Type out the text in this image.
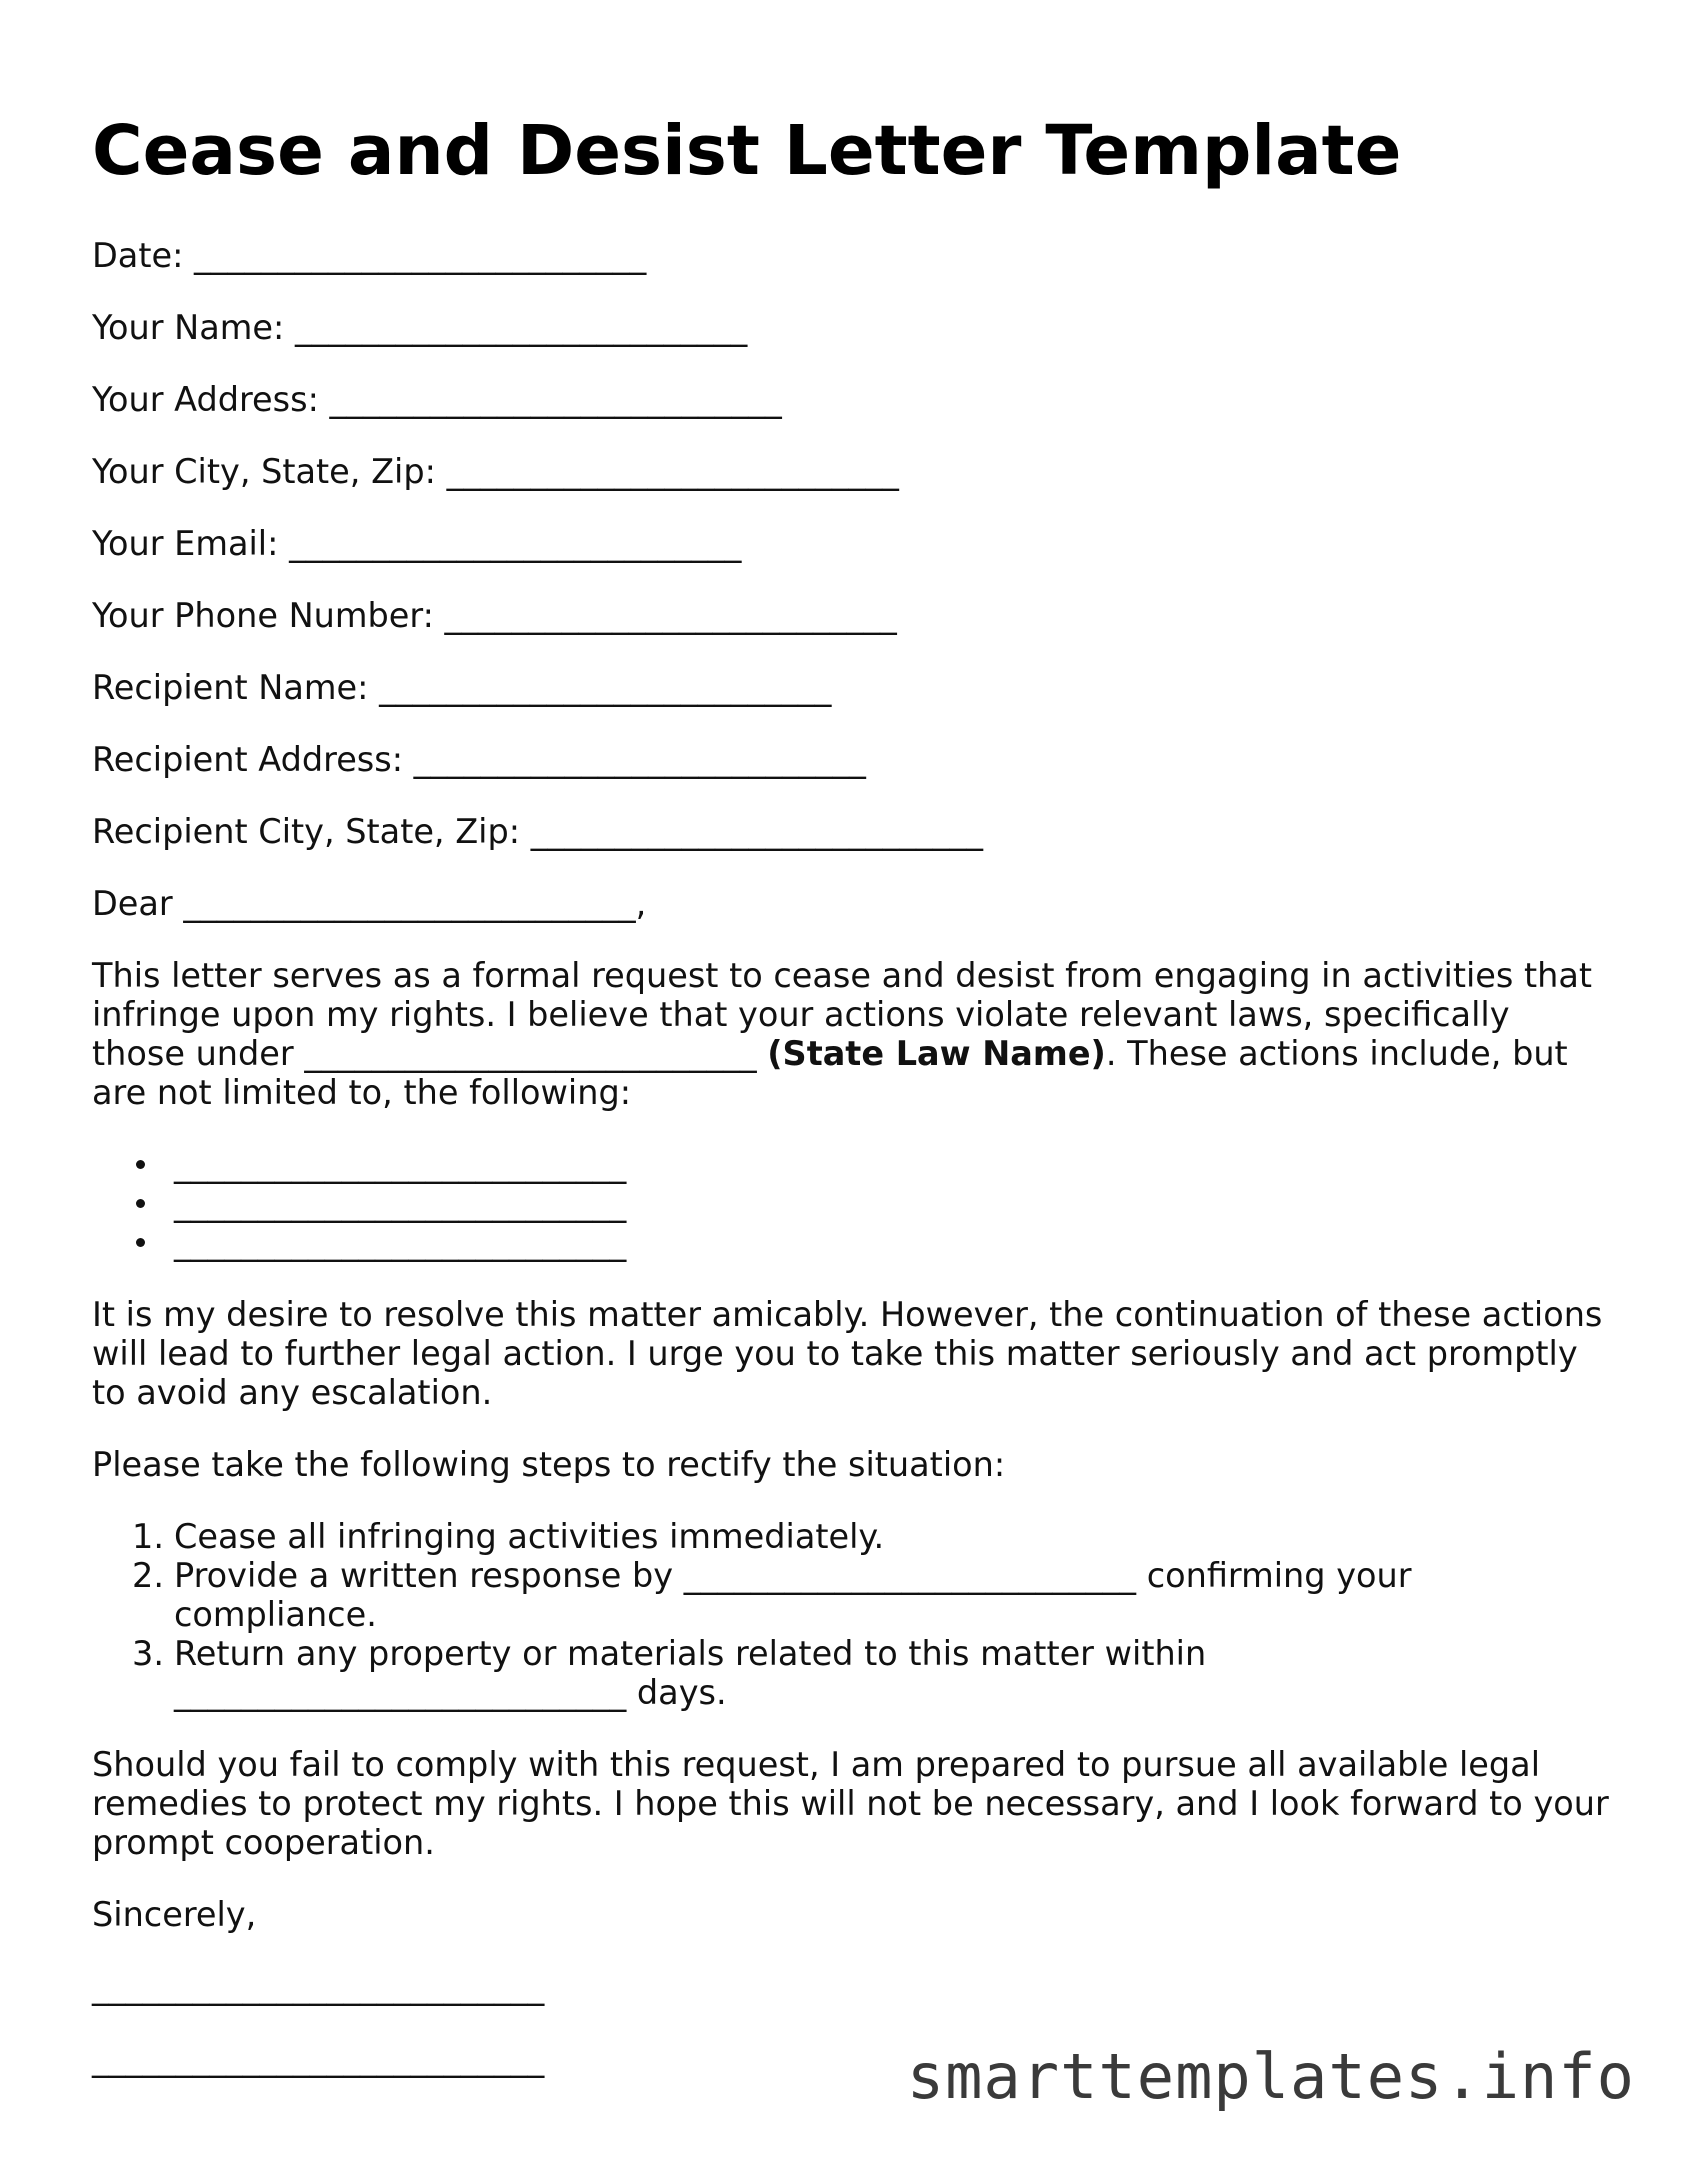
Cease and Desist Letter Template

Date: ___________________________

Your Name: ___________________________

Your Address: ___________________________

Your City, State, Zip: ___________________________

Your Email: ___________________________

Your Phone Number: ___________________________

Recipient Name: ___________________________

Recipient Address: ___________________________

Recipient City, State, Zip: ___________________________

Dear ___________________________,

This letter serves as a formal request to cease and desist from engaging in activities that infringe upon my rights. I believe that your actions violate relevant laws, specifically those under ___________________________ (State Law Name). These actions include, but are not limited to, the following:

___________________________
___________________________
___________________________

It is my desire to resolve this matter amicably. However, the continuation of these actions will lead to further legal action. I urge you to take this matter seriously and act promptly to avoid any escalation.

Please take the following steps to rectify the situation:

1. Cease all infringing activities immediately.
2. Provide a written response by ___________________________ confirming your compliance.
3. Return any property or materials related to this matter within ___________________________ days.

Should you fail to comply with this request, I am prepared to pursue all available legal remedies to protect my rights. I hope this will not be necessary, and I look forward to your prompt cooperation.

Sincerely,

___________________________
___________________________	smarttemplates.info
